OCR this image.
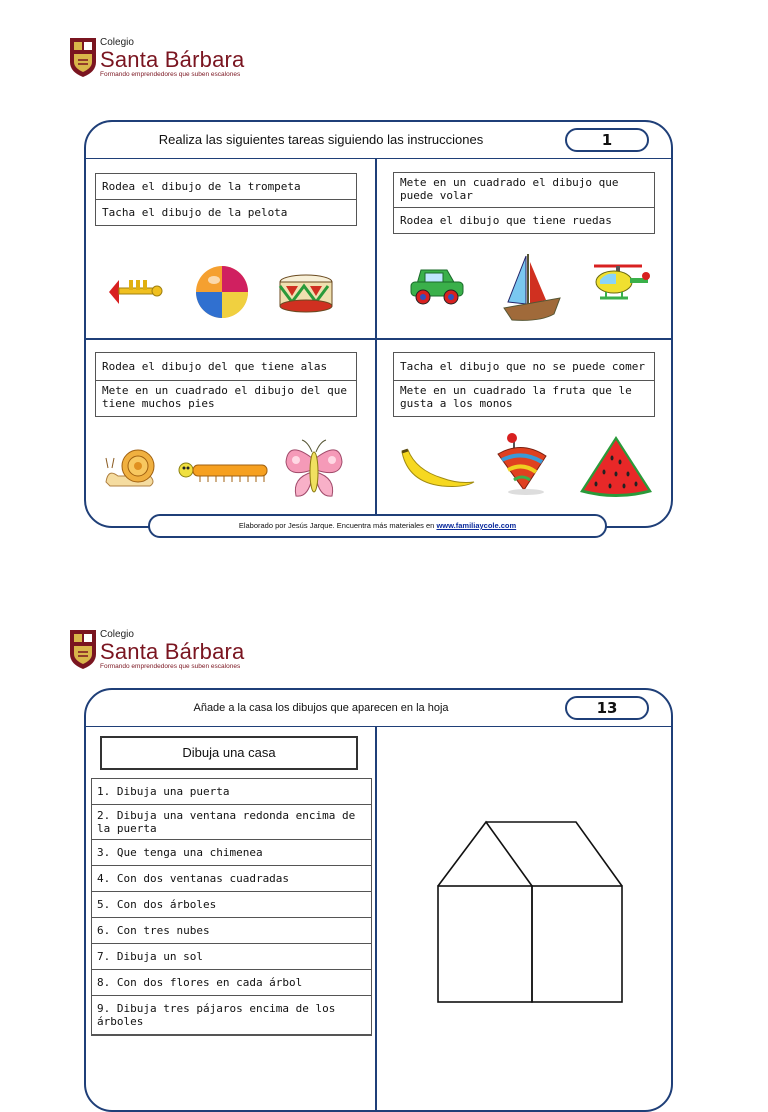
Colegio
Santa Bárbara
Formando emprendedores que suben escalones
Realiza las siguientes tareas siguiendo las instrucciones	1
Rodea el dibujo de la trompeta
Tacha el dibujo de la pelota
Mete en un cuadrado el dibujo que puede volar
Rodea el dibujo que tiene ruedas
Rodea el dibujo del que tiene alas
Mete en un cuadrado el dibujo del que tiene muchos pies
Tacha el dibujo que no se puede comer
Mete en un cuadrado la fruta que le gusta a los monos
Elaborado por Jesús Jarque. Encuentra más materiales en www.familiaycole.com
Colegio
Santa Bárbara
Formando emprendedores que suben escalones
Añade a la casa los dibujos que aparecen en la hoja	13
Dibuja una casa
1. Dibuja una puerta
2. Dibuja una ventana redonda encima de la puerta
3. Que tenga una chimenea
4. Con dos ventanas cuadradas
5. Con dos árboles
6. Con tres nubes
7. Dibuja un sol
8. Con dos flores en cada árbol
9. Dibuja tres pájaros encima de los árboles
